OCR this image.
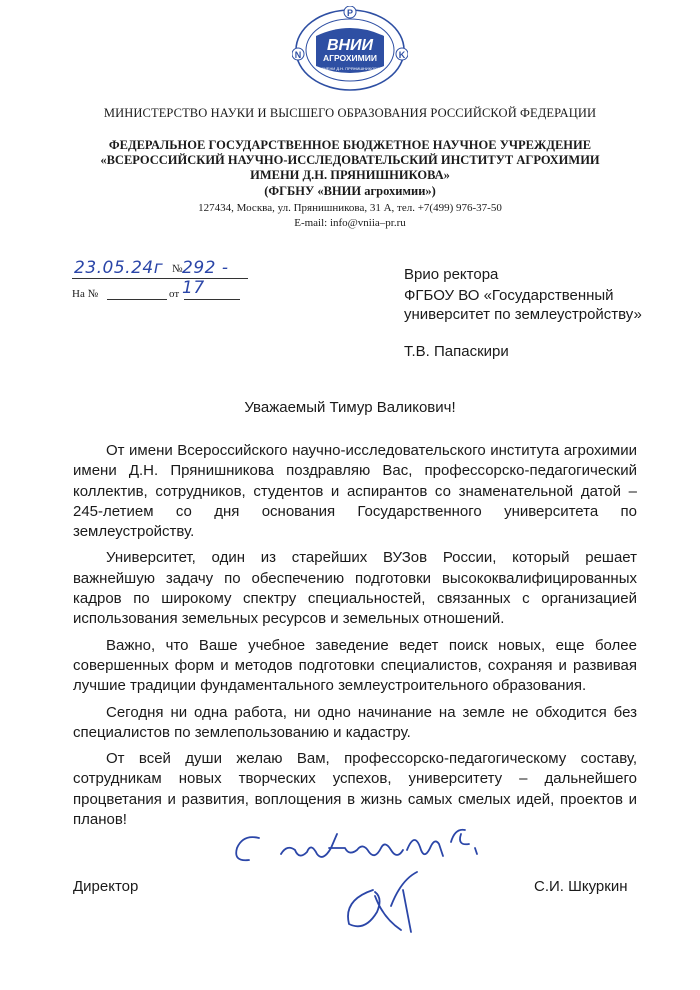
Р
N	K
ВНИИ
АГРОХИМИИ
ИМЕНИ Д.Н. ПРЯНИШНИКОВА
МИНИСТЕРСТВО НАУКИ И ВЫСШЕГО ОБРАЗОВАНИЯ РОССИЙСКОЙ ФЕДЕРАЦИИ
ФЕДЕРАЛЬНОЕ ГОСУДАРСТВЕННОЕ БЮДЖЕТНОЕ НАУЧНОЕ УЧРЕЖДЕНИЕ
«ВСЕРОССИЙСКИЙ НАУЧНО-ИССЛЕДОВАТЕЛЬСКИЙ ИНСТИТУТ АГРОХИМИИ
ИМЕНИ Д.Н. ПРЯНИШНИКОВА»
(ФГБНУ «ВНИИ агрохимии»)
127434, Москва, ул. Прянишникова, 31 А, тел. +7(499) 976-37-50
E-mail: info@vniia–pr.ru
23.05.24г № 292 - 17
На №	от
Врио ректора
ФГБОУ ВО «Государственный
университет по землеустройству»
Т.В. Папаскири
Уважаемый Тимур Валикович!

От имени Всероссийского научно-исследовательского института агрохимии имени Д.Н. Прянишникова поздравляю Вас, профессорско-педагогический коллектив, сотрудников, студентов и аспирантов со знаменательной датой – 245-летием со дня основания Государственного университета по землеустройству.

Университет, один из старейших ВУЗов России, который решает важнейшую задачу по обеспечению подготовки высококвалифицированных кадров по широкому спектру специальностей, связанных с организацией использования земельных ресурсов и земельных отношений.

Важно, что Ваше учебное заведение ведет поиск новых, еще более совершенных форм и методов подготовки специалистов, сохраняя и развивая лучшие традиции фундаментального землеустроительного образования.

Сегодня ни одна работа, ни одно начинание на земле не обходится без специалистов по землепользованию и кадастру.

От всей души желаю Вам, профессорско-педагогическому составу, сотрудникам новых творческих успехов, университету – дальнейшего процветания и развития, воплощения в жизнь самых смелых идей, проектов и планов!	С уважением,
Директор	С.И. Шкуркин
